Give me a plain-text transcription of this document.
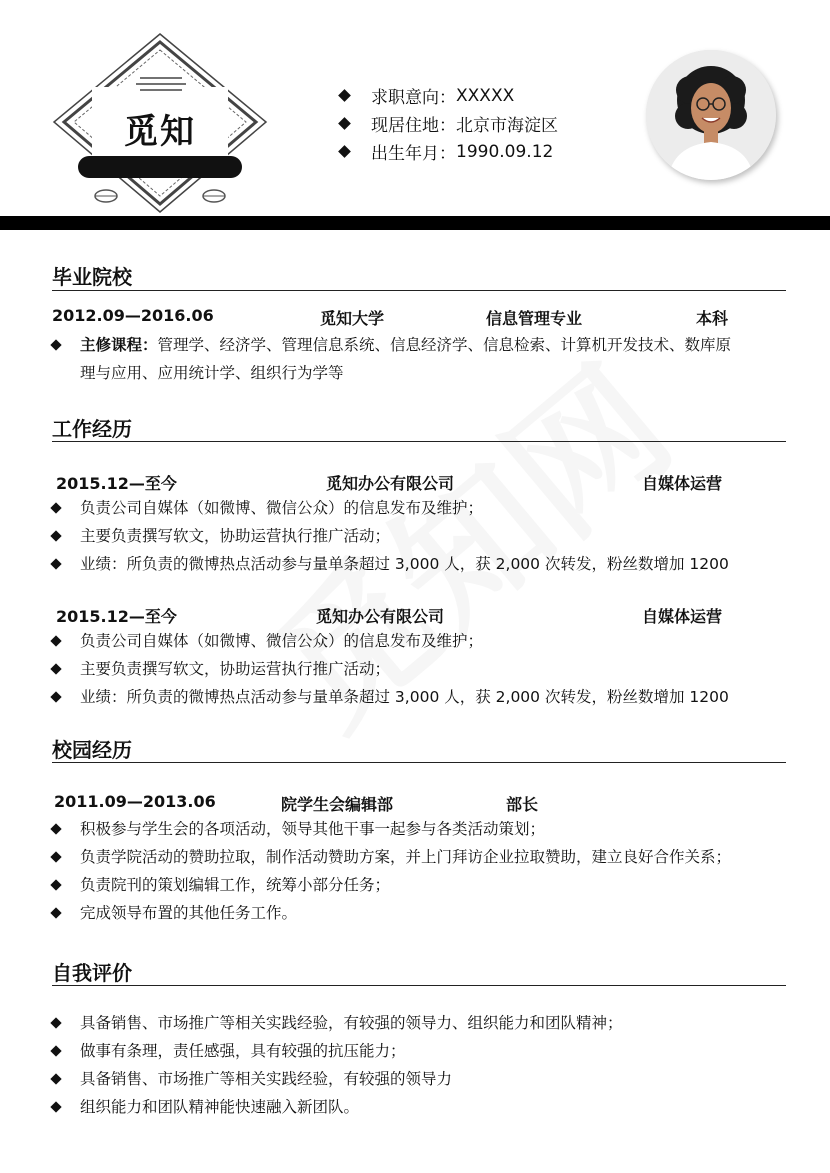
觅知
求职意向： XXXXX
现居住地： 北京市海淀区
出生年月： 1990.09.12
毕业院校
2012.09—2016.06	觅知大学	信息管理专业	本科
主修课程：管理学、经济学、管理信息系统、信息经济学、信息检索、计算机开发技术、数库原
理与应用、应用统计学、组织行为学等
工作经历
2015.12—至今	觅知办公有限公司	自媒体运营
负责公司自媒体（如微博、微信公众）的信息发布及维护；
主要负责撰写软文，协助运营执行推广活动；
业绩：所负责的微博热点活动参与量单条超过 3,000 人，获 2,000 次转发，粉丝数增加 1200
2015.12—至今	觅知办公有限公司	自媒体运营
负责公司自媒体（如微博、微信公众）的信息发布及维护；
主要负责撰写软文，协助运营执行推广活动；
业绩：所负责的微博热点活动参与量单条超过 3,000 人，获 2,000 次转发，粉丝数增加 1200
校园经历
2011.09—2013.06	院学生会编辑部	部长
积极参与学生会的各项活动，领导其他干事一起参与各类活动策划；
负责学院活动的赞助拉取，制作活动赞助方案，并上门拜访企业拉取赞助，建立良好合作关系；
负责院刊的策划编辑工作，统筹小部分任务；
完成领导布置的其他任务工作。
自我评价
具备销售、市场推广等相关实践经验，有较强的领导力、组织能力和团队精神；
做事有条理，责任感强，具有较强的抗压能力；
具备销售、市场推广等相关实践经验，有较强的领导力
组织能力和团队精神能快速融入新团队。
